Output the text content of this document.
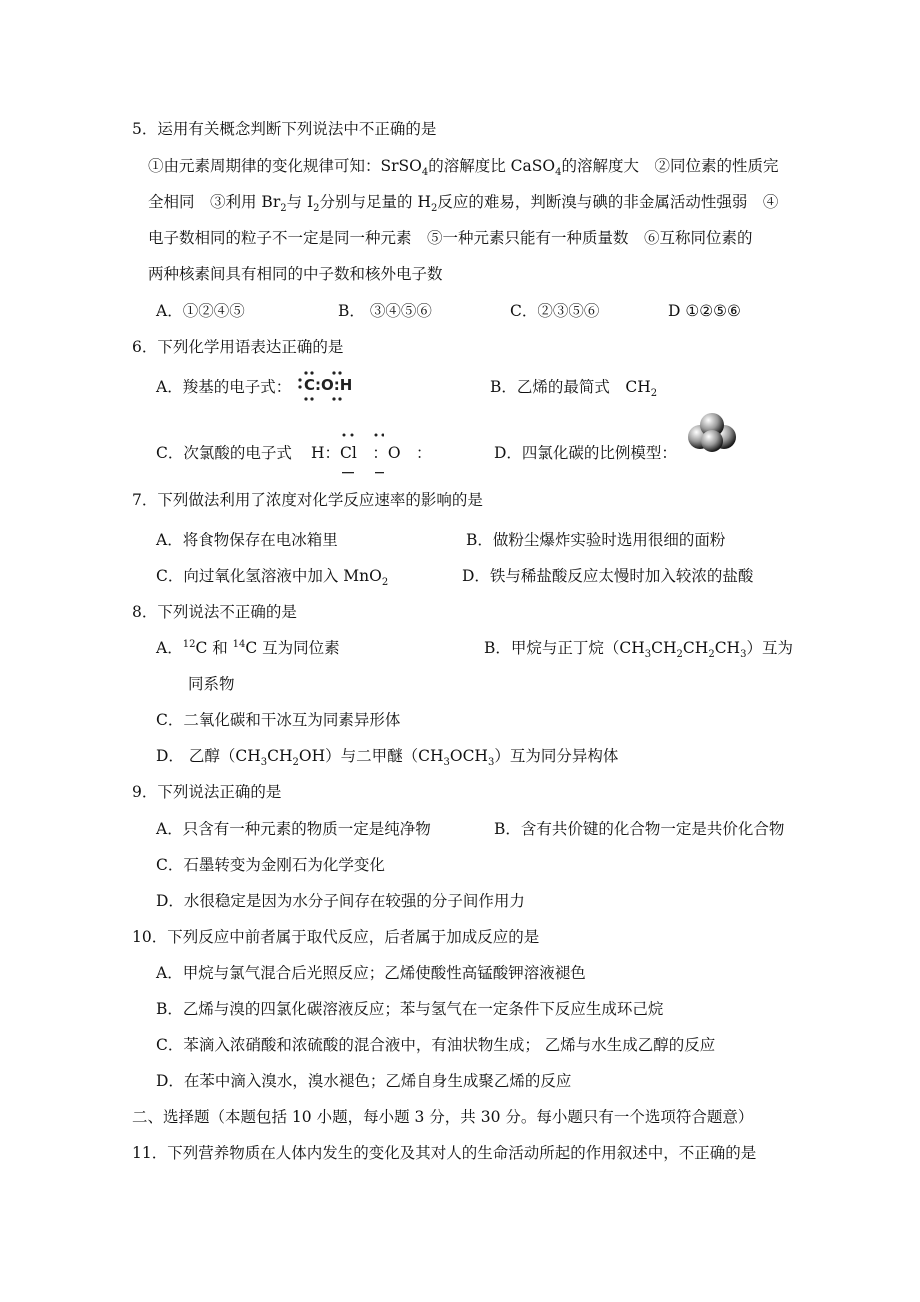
5．运用有关概念判断下列说法中不正确的是
①由元素周期律的变化规律可知：SrSO$_4$的溶解度比 CaSO$_4$的溶解度大　②同位素的性质完
全相同　③利用 $Br_2$与 $I_2$分别与足量的 $H_2$反应的难易，判断溴与碘的非金属活动性强弱　④
电子数相同的粒子不一定是同一种元素　⑤一种元素只能有一种质量数　⑥互称同位素的
两种核素间具有相同的中子数和核外电子数
A．①②④⑤	B． ③④⑤⑥	C．②③⑤⑥	D ①②⑤⑥
6．下列化学用语表达正确的是
A．羧基的电子式： C:O:H	B．乙烯的最简式　$CH_2$
C．次氯酸的电子式 H：Cl　：O　：	D．四氯化碳的比例模型：
7．下列做法利用了浓度对化学反应速率的影响的是
A．将食物保存在电冰箱里	B．做粉尘爆炸实验时选用很细的面粉
C．向过氧化氢溶液中加入 MnO$_2$	D．铁与稀盐酸反应太慢时加入较浓的盐酸
8．下列说法不正确的是
A．$^{12}$C 和 $^{14}$C 互为同位素	B．甲烷与正丁烷$(CH_3CH_2CH_2CH_3)$互为
同系物
C．二氧化碳和干冰互为同素异形体
D． 乙醇$(CH_3CH_2OH)$与二甲醚$(CH_3OCH_3)$互为同分异构体
9．下列说法正确的是
A．只含有一种元素的物质一定是纯净物	B．含有共价键的化合物一定是共价化合物
C．石墨转变为金刚石为化学变化
D．水很稳定是因为水分子间存在较强的分子间作用力
10．下列反应中前者属于取代反应，后者属于加成反应的是
A．甲烷与氯气混合后光照反应；乙烯使酸性高锰酸钾溶液褪色
B．乙烯与溴的四氯化碳溶液反应；苯与氢气在一定条件下反应生成环己烷
C．苯滴入浓硝酸和浓硫酸的混合液中，有油状物生成； 乙烯与水生成乙醇的反应
D．在苯中滴入溴水，溴水褪色；乙烯自身生成聚乙烯的反应
二、选择题（本题包括 10 小题，每小题 3 分，共 30 分。每小题只有一个选项符合题意）
11．下列营养物质在人体内发生的变化及其对人的生命活动所起的作用叙述中，不正确的是
